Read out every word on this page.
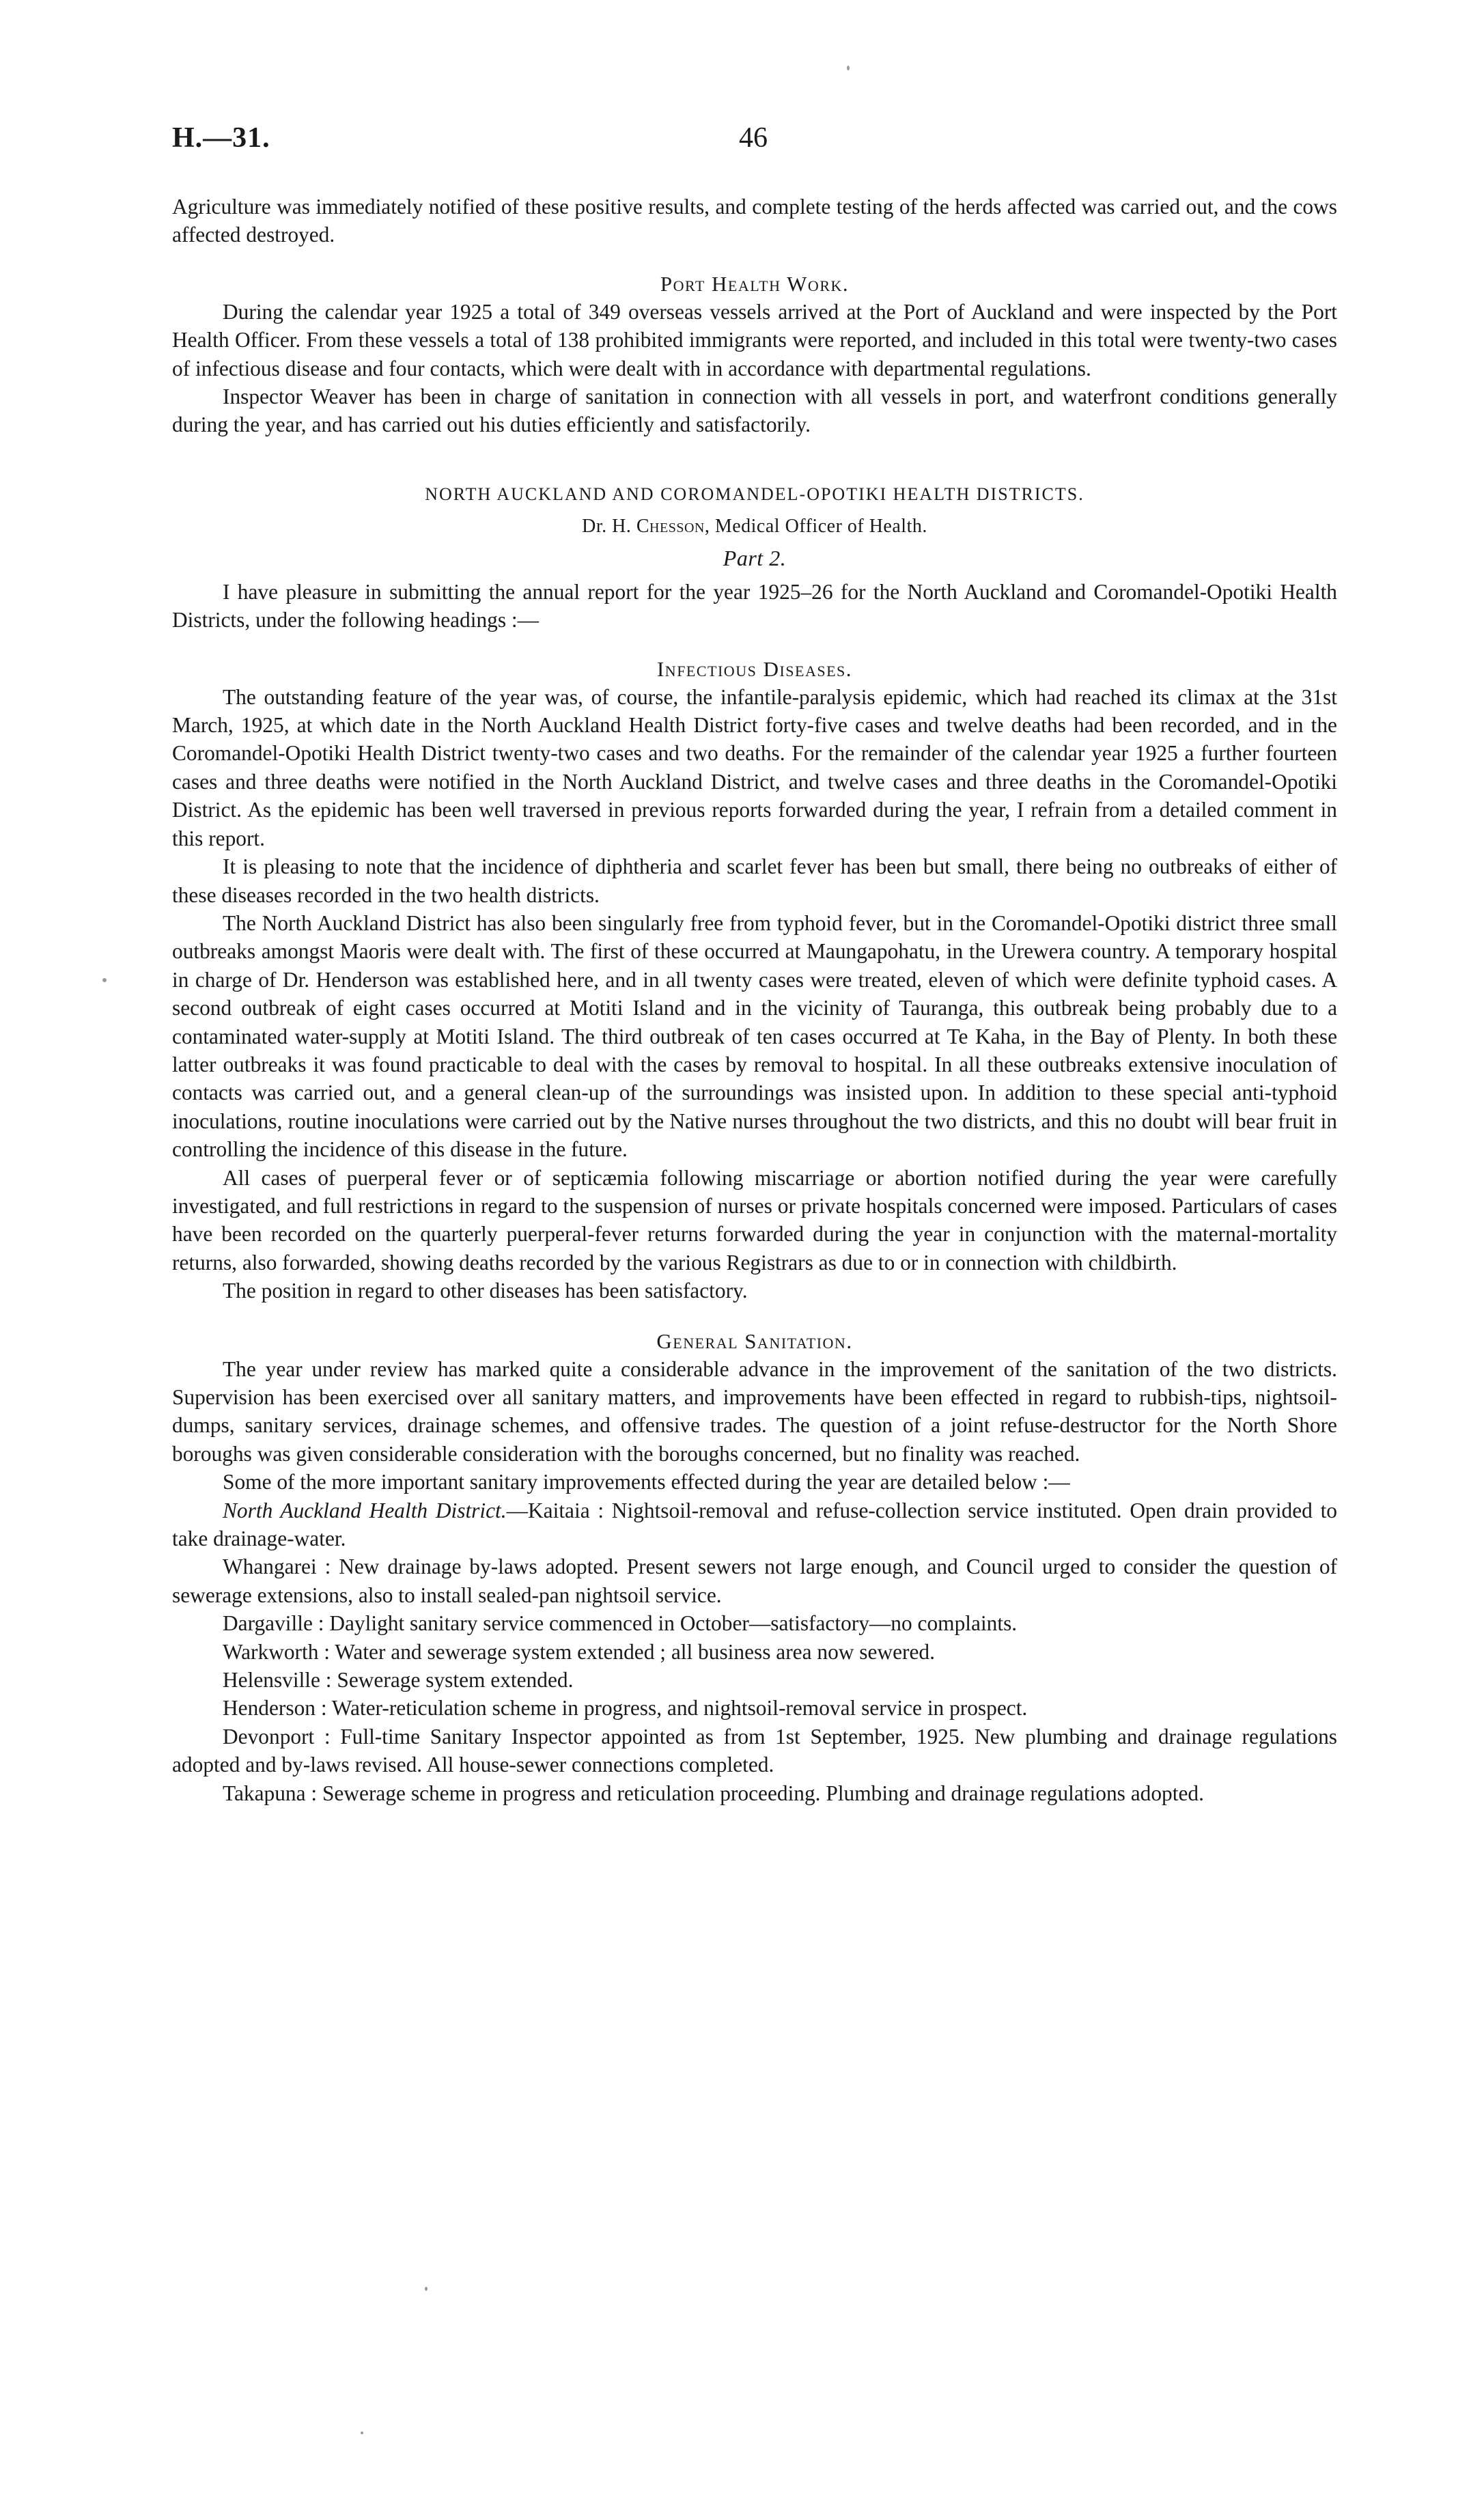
H.—31.	46

Agriculture was immediately notified of these positive results, and complete testing of the herds affected was carried out, and the cows affected destroyed.

Port Health Work.

During the calendar year 1925 a total of 349 overseas vessels arrived at the Port of Auckland and were inspected by the Port Health Officer. From these vessels a total of 138 prohibited immigrants were reported, and included in this total were twenty-two cases of infectious disease and four contacts, which were dealt with in accordance with departmental regulations.

Inspector Weaver has been in charge of sanitation in connection with all vessels in port, and waterfront conditions generally during the year, and has carried out his duties efficiently and satisfactorily.

NORTH AUCKLAND AND COROMANDEL-OPOTIKI HEALTH DISTRICTS.
Dr. H. Chesson, Medical Officer of Health.
Part 2.

I have pleasure in submitting the annual report for the year 1925–26 for the North Auckland and Coromandel-Opotiki Health Districts, under the following headings :—

Infectious Diseases.

The outstanding feature of the year was, of course, the infantile-paralysis epidemic, which had reached its climax at the 31st March, 1925, at which date in the North Auckland Health District forty-five cases and twelve deaths had been recorded, and in the Coromandel-Opotiki Health District twenty-two cases and two deaths. For the remainder of the calendar year 1925 a further fourteen cases and three deaths were notified in the North Auckland District, and twelve cases and three deaths in the Coromandel-Opotiki District. As the epidemic has been well traversed in previous reports forwarded during the year, I refrain from a detailed comment in this report.

It is pleasing to note that the incidence of diphtheria and scarlet fever has been but small, there being no outbreaks of either of these diseases recorded in the two health districts.

The North Auckland District has also been singularly free from typhoid fever, but in the Coromandel-Opotiki district three small outbreaks amongst Maoris were dealt with. The first of these occurred at Maungapohatu, in the Urewera country. A temporary hospital in charge of Dr. Henderson was established here, and in all twenty cases were treated, eleven of which were definite typhoid cases. A second outbreak of eight cases occurred at Motiti Island and in the vicinity of Tauranga, this outbreak being probably due to a contaminated water-supply at Motiti Island. The third outbreak of ten cases occurred at Te Kaha, in the Bay of Plenty. In both these latter outbreaks it was found practicable to deal with the cases by removal to hospital. In all these outbreaks extensive inoculation of contacts was carried out, and a general clean-up of the surroundings was insisted upon. In addition to these special anti-typhoid inoculations, routine inoculations were carried out by the Native nurses throughout the two districts, and this no doubt will bear fruit in controlling the incidence of this disease in the future.

All cases of puerperal fever or of septicæmia following miscarriage or abortion notified during the year were carefully investigated, and full restrictions in regard to the suspension of nurses or private hospitals concerned were imposed. Particulars of cases have been recorded on the quarterly puerperal-fever returns forwarded during the year in conjunction with the maternal-mortality returns, also forwarded, showing deaths recorded by the various Registrars as due to or in connection with childbirth.

The position in regard to other diseases has been satisfactory.

General Sanitation.

The year under review has marked quite a considerable advance in the improvement of the sanitation of the two districts. Supervision has been exercised over all sanitary matters, and improvements have been effected in regard to rubbish-tips, nightsoil-dumps, sanitary services, drainage schemes, and offensive trades. The question of a joint refuse-destructor for the North Shore boroughs was given considerable consideration with the boroughs concerned, but no finality was reached.

Some of the more important sanitary improvements effected during the year are detailed below :—

North Auckland Health District.—Kaitaia : Nightsoil-removal and refuse-collection service instituted. Open drain provided to take drainage-water.

Whangarei : New drainage by-laws adopted. Present sewers not large enough, and Council urged to consider the question of sewerage extensions, also to install sealed-pan nightsoil service.

Dargaville : Daylight sanitary service commenced in October—satisfactory—no complaints.

Warkworth : Water and sewerage system extended ; all business area now sewered.

Helensville : Sewerage system extended.

Henderson : Water-reticulation scheme in progress, and nightsoil-removal service in prospect.

Devonport : Full-time Sanitary Inspector appointed as from 1st September, 1925. New plumbing and drainage regulations adopted and by-laws revised. All house-sewer connections completed.

Takapuna : Sewerage scheme in progress and reticulation proceeding. Plumbing and drainage regulations adopted.
